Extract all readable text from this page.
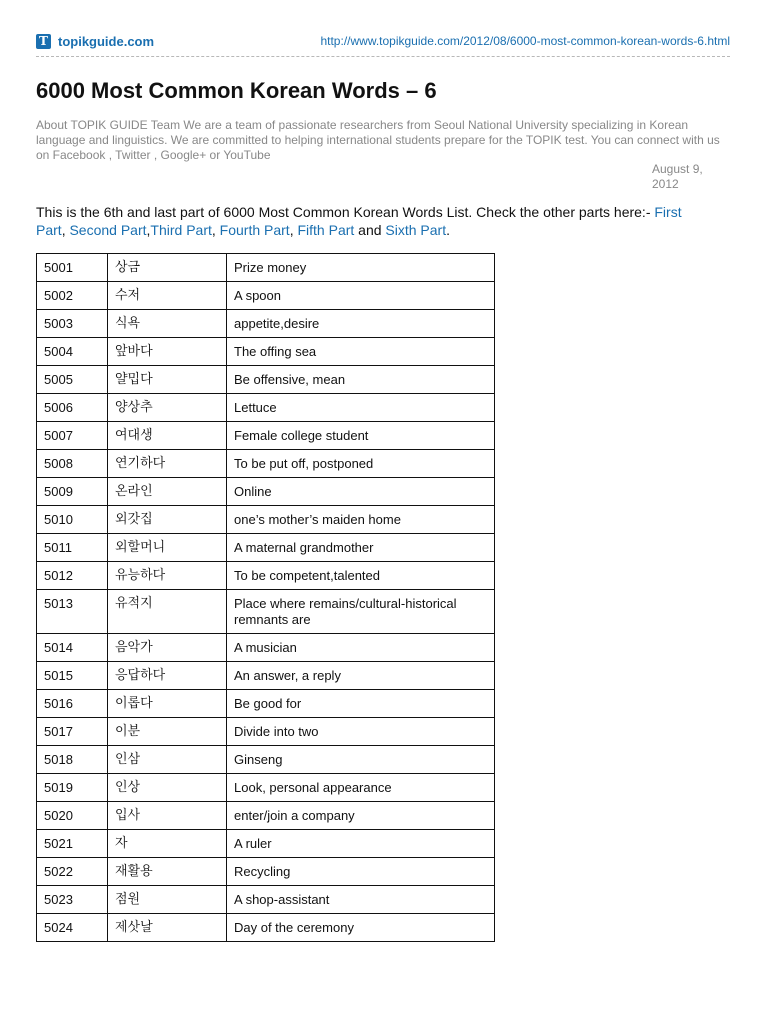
T topikguide.com	http://www.topikguide.com/2012/08/6000-most-common-korean-words-6.html
6000 Most Common Korean Words – 6
About TOPIK GUIDE Team We are a team of passionate researchers from Seoul National University specializing in Korean language and linguistics. We are committed to helping international students prepare for the TOPIK test. You can connect with us on Facebook , Twitter , Google+ or YouTube
August 9, 2012
This is the 6th and last part of 6000 Most Common Korean Words List. Check the other parts here:- First Part, Second Part,Third Part, Fourth Part, Fifth Part and Sixth Part.
5001	상금	Prize money
5002	수저	A spoon
5003	식욕	appetite,desire
5004	앞바다	The offing sea
5005	얄밉다	Be offensive, mean
5006	양상추	Lettuce
5007	여대생	Female college student
5008	연기하다	To be put off, postponed
5009	온라인	Online
5010	외갓집	one’s mother’s maiden home
5011	외할머니	A maternal grandmother
5012	유능하다	To be competent,talented
5013	유적지	Place where remains/cultural-historical remnants are
5014	음악가	A musician
5015	응답하다	An answer, a reply
5016	이롭다	Be good for
5017	이분	Divide into two
5018	인삼	Ginseng
5019	인상	Look, personal appearance
5020	입사	enter/join a company
5021	자	A ruler
5022	재활용	Recycling
5023	점원	A shop-assistant
5024	제삿날	Day of the ceremony
